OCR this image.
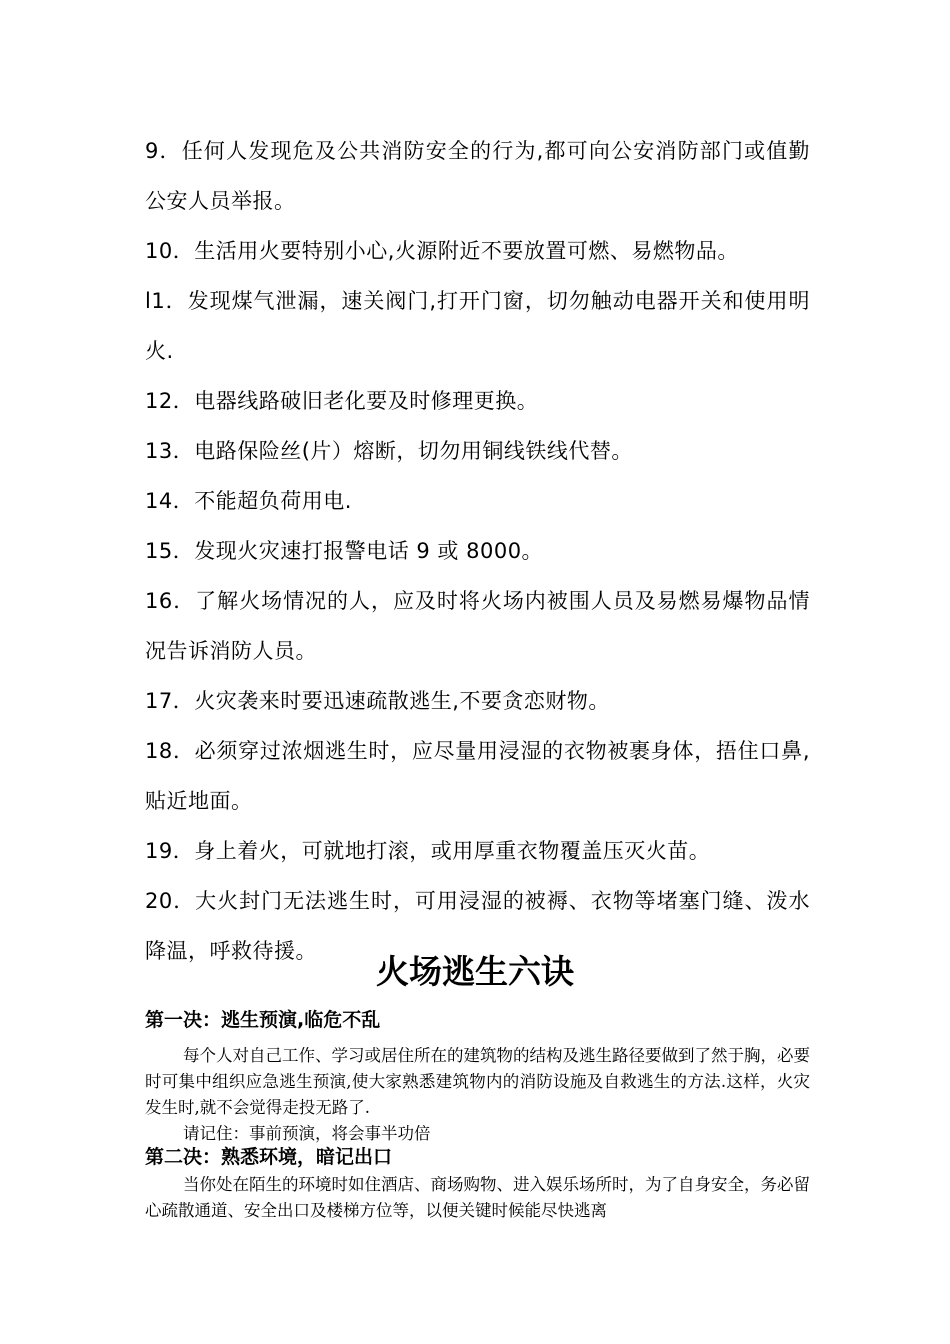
9．任何人发现危及公共消防安全的行为,都可向公安消防部门或值勤公安人员举报。

10．生活用火要特别小心,火源附近不要放置可燃、易燃物品。

l1．发现煤气泄漏，速关阀门,打开门窗，切勿触动电器开关和使用明火.

12．电器线路破旧老化要及时修理更换。

13．电路保险丝(片）熔断，切勿用铜线铁线代替。

14．不能超负荷用电.

15．发现火灾速打报警电话 9 或 8000。

16．了解火场情况的人，应及时将火场内被围人员及易燃易爆物品情况告诉消防人员。

17．火灾袭来时要迅速疏散逃生,不要贪恋财物。

18．必须穿过浓烟逃生时，应尽量用浸湿的衣物被裹身体，捂住口鼻,贴近地面。

19．身上着火，可就地打滚，或用厚重衣物覆盖压灭火苗。

20．大火封门无法逃生时，可用浸湿的被褥、衣物等堵塞门缝、泼水降温，呼救待援。

火场逃生六诀

第一决：逃生预演,临危不乱

每个人对自己工作、学习或居住所在的建筑物的结构及逃生路径要做到了然于胸，必要时可集中组织应急逃生预演,使大家熟悉建筑物内的消防设施及自救逃生的方法.这样，火灾发生时,就不会觉得走投无路了.

请记住：事前预演，将会事半功倍

第二决：熟悉环境，暗记出口

当你处在陌生的环境时如住酒店、商场购物、进入娱乐场所时，为了自身安全，务必留心疏散通道、安全出口及楼梯方位等，以便关键时候能尽快逃离
